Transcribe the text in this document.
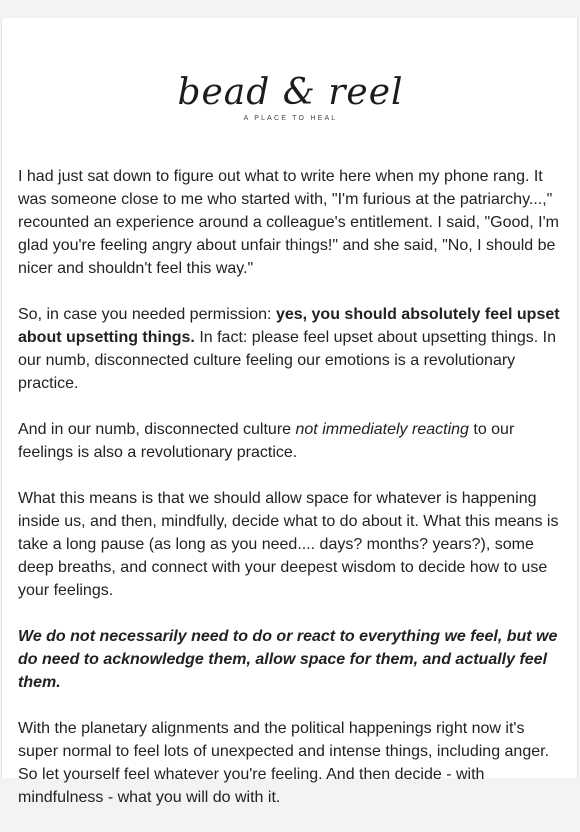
bead & reel
A PLACE TO HEAL

I had just sat down to figure out what to write here when my phone rang. It was someone close to me who started with, "I'm furious at the patriarchy...," recounted an experience around a colleague's entitlement. I said, "Good, I'm glad you're feeling angry about unfair things!" and she said, "No, I should be nicer and shouldn't feel this way."

So, in case you needed permission: yes, you should absolutely feel upset about upsetting things. In fact: please feel upset about upsetting things. In our numb, disconnected culture feeling our emotions is a revolutionary practice.

And in our numb, disconnected culture not immediately reacting to our feelings is also a revolutionary practice.

What this means is that we should allow space for whatever is happening inside us, and then, mindfully, decide what to do about it. What this means is take a long pause (as long as you need.... days? months? years?), some deep breaths, and connect with your deepest wisdom to decide how to use your feelings.

We do not necessarily need to do or react to everything we feel, but we do need to acknowledge them, allow space for them, and actually feel them.

With the planetary alignments and the political happenings right now it's super normal to feel lots of unexpected and intense things, including anger. So let yourself feel whatever you're feeling. And then decide - with mindfulness - what you will do with it.
